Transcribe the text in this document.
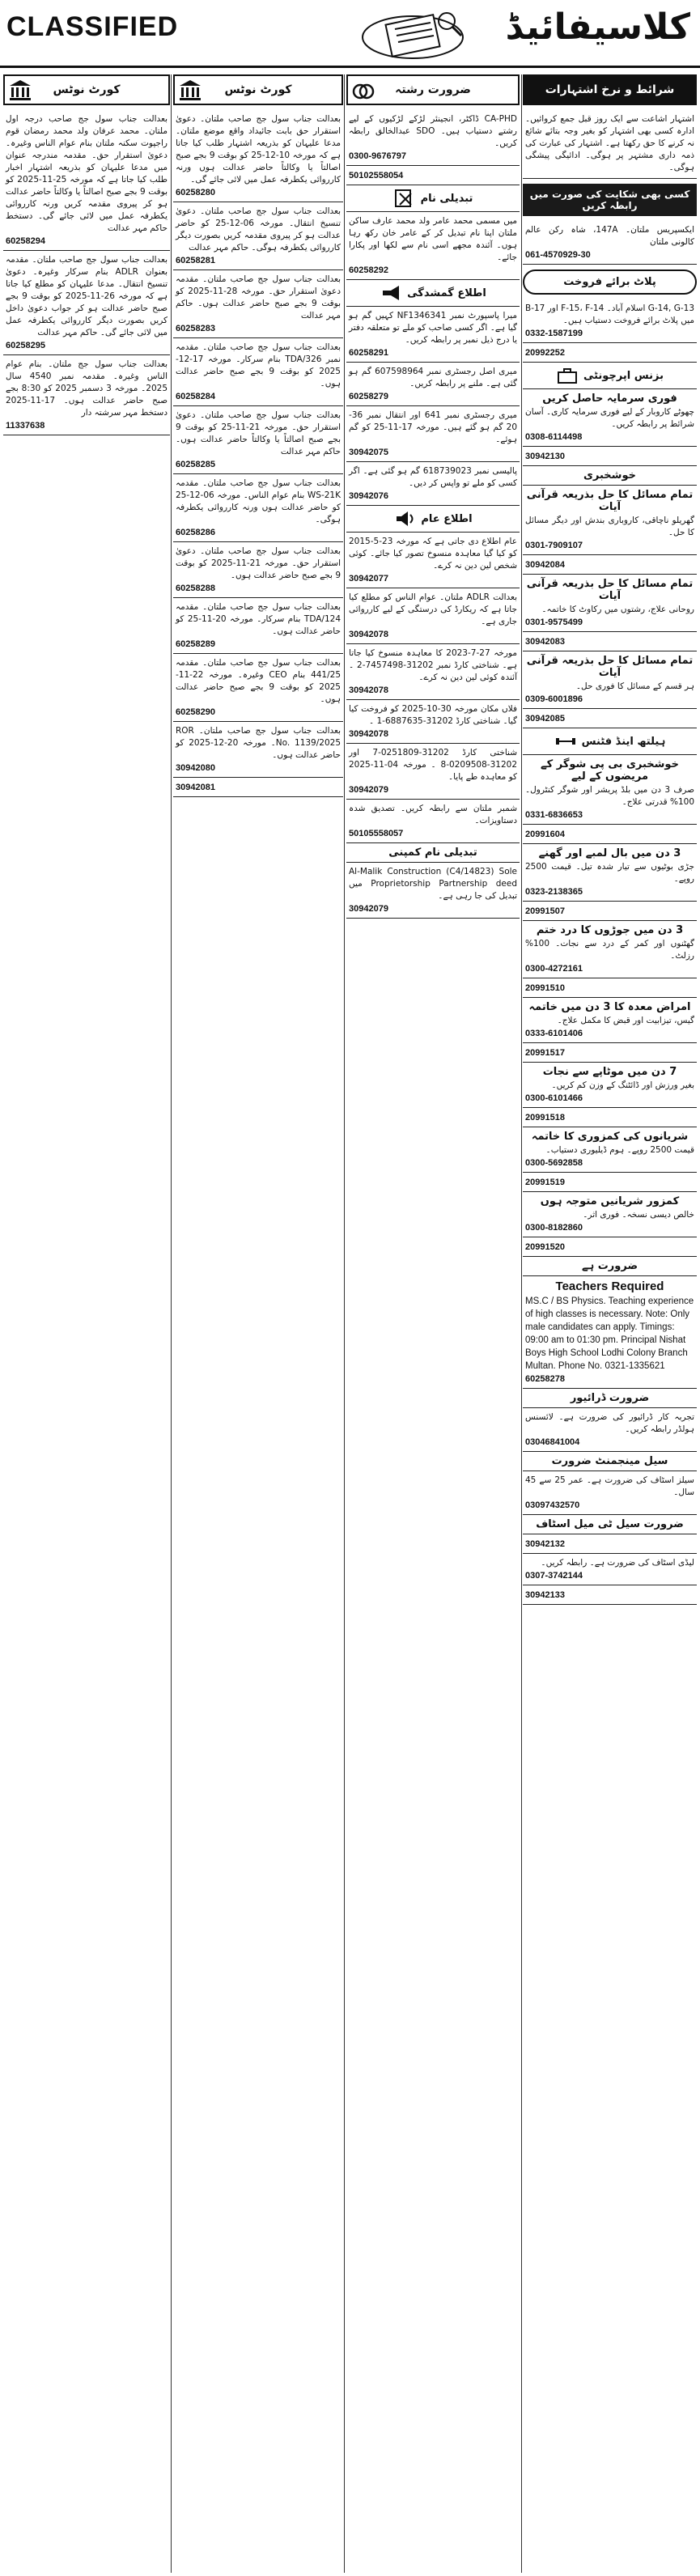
CLASSIFIED	کلاسیفائیڈ
کورٹ نوٹس
بعدالت جناب سول جج صاحب درجہ اول ملتان۔ محمد عرفان ولد محمد رمضان قوم راجپوت سکنہ ملتان بنام عوام الناس وغیرہ۔ دعویٰ استقرار حق۔ مقدمہ مندرجہ عنوان میں مدعا علیہان کو بذریعہ اشتہار اخبار طلب کیا جاتا ہے کہ مورخہ 25-11-2025 کو بوقت 9 بجے صبح اصالتاً یا وکالتاً حاضر عدالت ہو کر پیروی مقدمہ کریں ورنہ کارروائی یکطرفہ عمل میں لائی جائے گی۔ دستخط حاکم مہر عدالت
60258294
بعدالت جناب سول جج صاحب ملتان۔ مقدمہ بعنوان ADLR بنام سرکار وغیرہ۔ دعویٰ تنسیخ انتقال۔ مدعا علیہان کو مطلع کیا جاتا ہے کہ مورخہ 26-11-2025 کو بوقت 9 بجے صبح حاضر عدالت ہو کر جواب دعویٰ داخل کریں بصورت دیگر کارروائی یکطرفہ عمل میں لائی جائے گی۔ حاکم مہر عدالت
60258295
بعدالت جناب سول جج ملتان۔ بنام عوام الناس وغیرہ۔ مقدمہ نمبر 4540 سال 2025۔ مورخہ 3 دسمبر 2025 کو 8:30 بجے صبح حاضر عدالت ہوں۔ 17-11-2025 دستخط مہر سرشتہ دار
11337638
کورٹ نوٹس
بعدالت جناب سول جج صاحب ملتان۔ دعویٰ استقرار حق بابت جائیداد واقع موضع ملتان۔ مدعا علیہان کو بذریعہ اشتہار طلب کیا جاتا ہے کہ مورخہ 10-12-25 کو بوقت 9 بجے صبح اصالتاً یا وکالتاً حاضر عدالت ہوں ورنہ کارروائی یکطرفہ عمل میں لائی جائے گی۔
60258280
بعدالت جناب سول جج صاحب ملتان۔ دعویٰ تنسیخ انتقال۔ مورخہ 06-12-25 کو حاضر عدالت ہو کر پیروی مقدمہ کریں بصورت دیگر کارروائی یکطرفہ ہوگی۔ حاکم مہر عدالت
60258281
بعدالت جناب سول جج صاحب ملتان۔ مقدمہ دعویٰ استقرار حق۔ مورخہ 28-11-2025 کو بوقت 9 بجے صبح حاضر عدالت ہوں۔ حاکم مہر عدالت
60258283
بعدالت جناب سول جج صاحب ملتان۔ مقدمہ نمبر 326/TDA بنام سرکار۔ مورخہ 17-12-2025 کو بوقت 9 بجے صبح حاضر عدالت ہوں۔
60258284
بعدالت جناب سول جج صاحب ملتان۔ دعویٰ استقرار حق۔ مورخہ 21-11-25 کو بوقت 9 بجے صبح اصالتاً یا وکالتاً حاضر عدالت ہوں۔ حاکم مہر عدالت
60258285
بعدالت جناب سول جج صاحب ملتان۔ مقدمہ WS-21K بنام عوام الناس۔ مورخہ 06-12-25 کو حاضر عدالت ہوں ورنہ کارروائی یکطرفہ ہوگی۔
60258286
بعدالت جناب سول جج صاحب ملتان۔ دعویٰ استقرار حق۔ مورخہ 21-11-2025 کو بوقت 9 بجے صبح حاضر عدالت ہوں۔
60258288
بعدالت جناب سول جج صاحب ملتان۔ مقدمہ 124/TDA بنام سرکار۔ مورخہ 20-11-25 کو حاضر عدالت ہوں۔
60258289
بعدالت جناب سول جج صاحب ملتان۔ مقدمہ 441/25 بنام CEO وغیرہ۔ مورخہ 22-11-2025 کو بوقت 9 بجے صبح حاضر عدالت ہوں۔
60258290
بعدالت جناب سول جج صاحب ملتان۔ ROR No. 1139/2025۔ مورخہ 20-12-2025 کو حاضر عدالت ہوں۔
30942080
30942081
ضرورت رشتہ
CA-PHD ڈاکٹر، انجینئر لڑکے لڑکیوں کے لیے رشتے دستیاب ہیں۔ SDO عبدالخالق رابطہ کریں۔
0300-9676797
50102558054
تبدیلی نام
میں مسمی محمد عامر ولد محمد عارف ساکن ملتان اپنا نام تبدیل کر کے عامر خان رکھ رہا ہوں۔ آئندہ مجھے اسی نام سے لکھا اور پکارا جائے۔
60258292
اطلاع گمشدگی
میرا پاسپورٹ نمبر NF1346341 کہیں گم ہو گیا ہے۔ اگر کسی صاحب کو ملے تو متعلقہ دفتر یا درج ذیل نمبر پر رابطہ کریں۔
60258291
میری اصل رجسٹری نمبر 607598964 گم ہو گئی ہے۔ ملنے پر رابطہ کریں۔
60258279
میری رجسٹری نمبر 641 اور انتقال نمبر 36-20 گم ہو گئے ہیں۔ مورخہ 17-11-25 کو گم ہوئے۔
30942075
پالیسی نمبر 618739023 گم ہو گئی ہے۔ اگر کسی کو ملے تو واپس کر دیں۔
30942076
اطلاع عام
عام اطلاع دی جاتی ہے کہ مورخہ 23-5-2015 کو کیا گیا معاہدہ منسوخ تصور کیا جائے۔ کوئی شخص لین دین نہ کرے۔
30942077
بعدالت ADLR ملتان۔ عوام الناس کو مطلع کیا جاتا ہے کہ ریکارڈ کی درستگی کے لیے کارروائی جاری ہے۔
30942078
مورخہ 27-7-2023 کا معاہدہ منسوخ کیا جاتا ہے۔ شناختی کارڈ نمبر 31202-7457498-2 ۔ آئندہ کوئی لین دین نہ کرے۔
30942078
فلاں مکان مورخہ 30-10-2025 کو فروخت کیا گیا۔ شناختی کارڈ 31202-6887635-1 ۔
30942078
شناختی کارڈ 31202-0251809-7 اور 31202-0209508-8 ۔ مورخہ 04-11-2025 کو معاہدہ طے پایا۔
30942079
شمبر ملتان سے رابطہ کریں۔ تصدیق شدہ دستاویزات۔
50105558057
تبدیلی نام کمپنی
Al-Malik Construction (C4/14823) Sole Proprietorship Partnership deed میں تبدیل کی جا رہی ہے۔
30942079
شرائط و نرخ اشتہارات
اشتہار اشاعت سے ایک روز قبل جمع کروائیں۔ ادارہ کسی بھی اشتہار کو بغیر وجہ بتائے شائع نہ کرنے کا حق رکھتا ہے۔ اشتہار کی عبارت کی ذمہ داری مشتہر پر ہوگی۔ ادائیگی پیشگی ہوگی۔
کسی بھی شکایت کی صورت میں رابطہ کریں
ایکسپریس ملتان۔ 147A، شاہ رکن عالم کالونی ملتان
061-4570929-30
پلاٹ برائے فروخت
G-14, G-13 اسلام آباد۔ F-15، F-14 اور B-17 میں پلاٹ برائے فروخت دستیاب ہیں۔
0332-1587199
20992252
بزنس اپرچونٹی
فوری سرمایہ حاصل کریں
چھوٹے کاروبار کے لیے فوری سرمایہ کاری۔ آسان شرائط پر رابطہ کریں۔
0308-6114498
30942130
خوشخبری
تمام مسائل کا حل بذریعہ قرآنی آیات
گھریلو ناچاقی، کاروباری بندش اور دیگر مسائل کا حل۔
0301-7909107
30942084
تمام مسائل کا حل بذریعہ قرآنی آیات
روحانی علاج، رشتوں میں رکاوٹ کا خاتمہ۔
0301-9575499
30942083
تمام مسائل کا حل بذریعہ قرآنی آیات
ہر قسم کے مسائل کا فوری حل۔
0309-6001896
30942085
ہیلتھ اینڈ فٹنس
خوشخبری بی پی شوگر کے مریضوں کے لیے
صرف 3 دن میں بلڈ پریشر اور شوگر کنٹرول۔ 100% قدرتی علاج۔
0331-6836653
20991604
3 دن میں بال لمبے اور گھنے
جڑی بوٹیوں سے تیار شدہ تیل۔ قیمت 2500 روپے۔
0323-2138365
20991507
3 دن میں جوڑوں کا درد ختم
گھٹنوں اور کمر کے درد سے نجات۔ 100% رزلٹ۔
0300-4272161
20991510
امراض معدہ کا 3 دن میں خاتمہ
گیس، تیزابیت اور قبض کا مکمل علاج۔
0333-6101406
20991517
7 دن میں موٹاپے سے نجات
بغیر ورزش اور ڈائٹنگ کے وزن کم کریں۔
0300-6101466
20991518
شریانوں کی کمزوری کا خاتمہ
قیمت 2500 روپے۔ ہوم ڈیلیوری دستیاب۔
0300-5692858
20991519
کمزور شریانیں متوجہ ہوں
خالص دیسی نسخہ۔ فوری اثر۔
0300-8182860
20991520
ضرورت ہے
Teachers Required
MS.C / BS Physics. Teaching experience of high classes is necessary. Note: Only male candidates can apply. Timings: 09:00 am to 01:30 pm. Principal Nishat Boys High School Lodhi Colony Branch Multan. Phone No. 0321-1335621
60258278
ضرورت ڈرائیور
تجربہ کار ڈرائیور کی ضرورت ہے۔ لائسنس ہولڈر رابطہ کریں۔
03046841004
سیل مینجمنٹ ضرورت
سیلز اسٹاف کی ضرورت ہے۔ عمر 25 سے 45 سال۔
03097432570
ضرورت سیل ٹی میل اسٹاف
30942132
لیڈی اسٹاف کی ضرورت ہے۔ رابطہ کریں۔
0307-3742144
30942133
